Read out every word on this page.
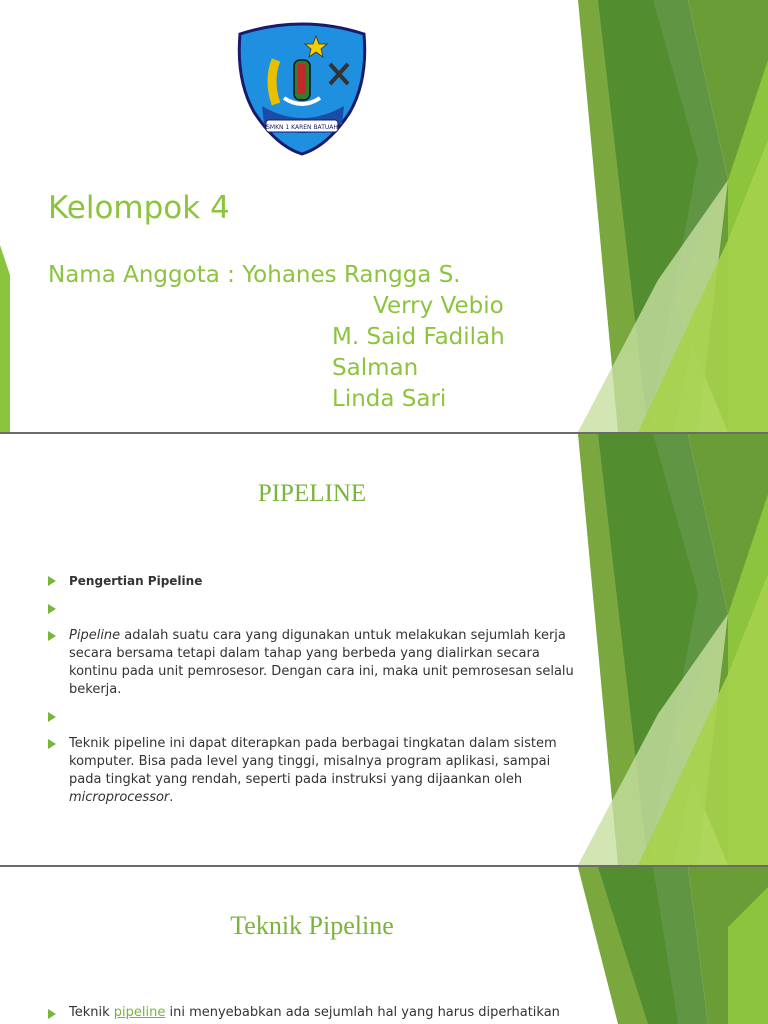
SMKN 1 KAREN BATUAH
Kelompok 4
Nama Anggota : Yohanes Rangga S.
Verry Vebio
M. Said Fadilah
Salman
Linda Sari
PIPELINE
Pengertian Pipeline
Pipeline adalah suatu cara yang digunakan untuk melakukan sejumlah kerja secara bersama tetapi dalam tahap yang berbeda yang dialirkan secara kontinu pada unit pemrosesor. Dengan cara ini, maka unit pemrosesan selalu bekerja.
Teknik pipeline ini dapat diterapkan pada berbagai tingkatan dalam sistem komputer. Bisa pada level yang tinggi, misalnya program aplikasi, sampai pada tingkat yang rendah, seperti pada instruksi yang dijaankan oleh microprocessor.
Teknik Pipeline
Teknik pipeline ini menyebabkan ada sejumlah hal yang harus diperhatikan
